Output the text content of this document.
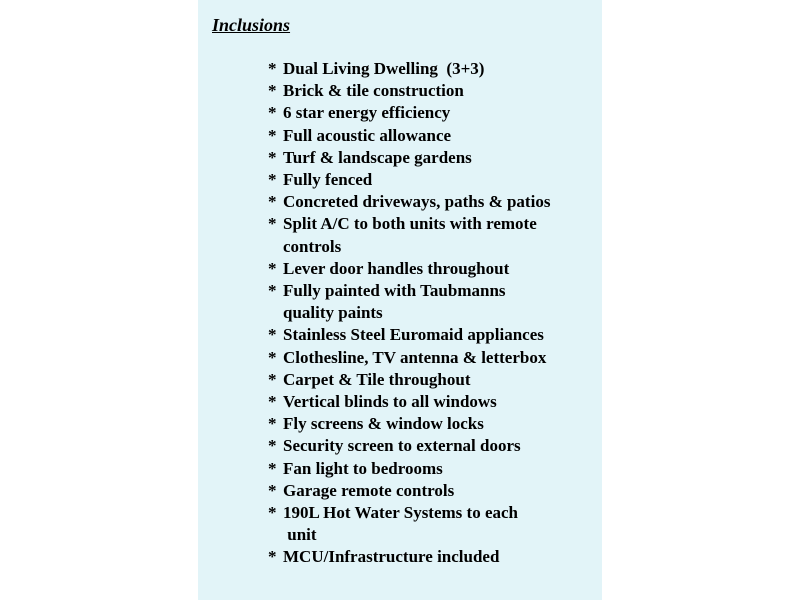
Inclusions
* Dual Living Dwelling  (3+3)
* Brick & tile construction
* 6 star energy efficiency
* Full acoustic allowance
* Turf & landscape gardens
* Fully fenced
* Concreted driveways, paths & patios
* Split A/C to both units with remote
controls
* Lever door handles throughout
* Fully painted with Taubmanns
quality paints
* Stainless Steel Euromaid appliances
* Clothesline, TV antenna & letterbox
* Carpet & Tile throughout
* Vertical blinds to all windows
* Fly screens & window locks
* Security screen to external doors
* Fan light to bedrooms
* Garage remote controls
* 190L Hot Water Systems to each
unit
* MCU/Infrastructure included
